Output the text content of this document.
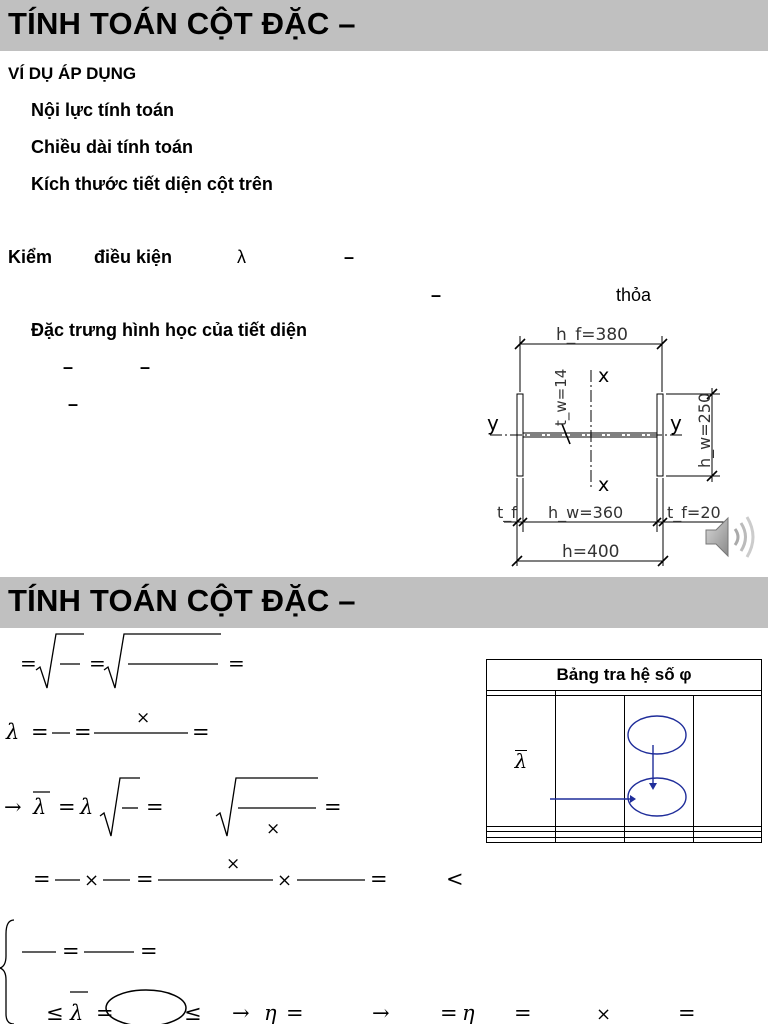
TÍNH TOÁN CỘT ĐẶC –
VÍ DỤ ÁP DỤNG
Nội lực tính toán
Chiều dài tính toán
Kích thước tiết diện cột trên
Kiểm điều kiện	λ	–
–	thỏa
Đặc trưng hình học của tiết diện
–	–
–
h_f=380
x
x
y	y
t_w=14	h_w=250
t_f h_w=360	t_f=20
h=400
TÍNH TOÁN CỘT ĐẶC –
=	=	=
λ = =
×
=
→ λ = λ	=
×
=
= × =
×
×	=	<
=	=
≤ λ =	≤ → η =	→ = η =	×	=
Bảng tra hệ số φ			

λ			
